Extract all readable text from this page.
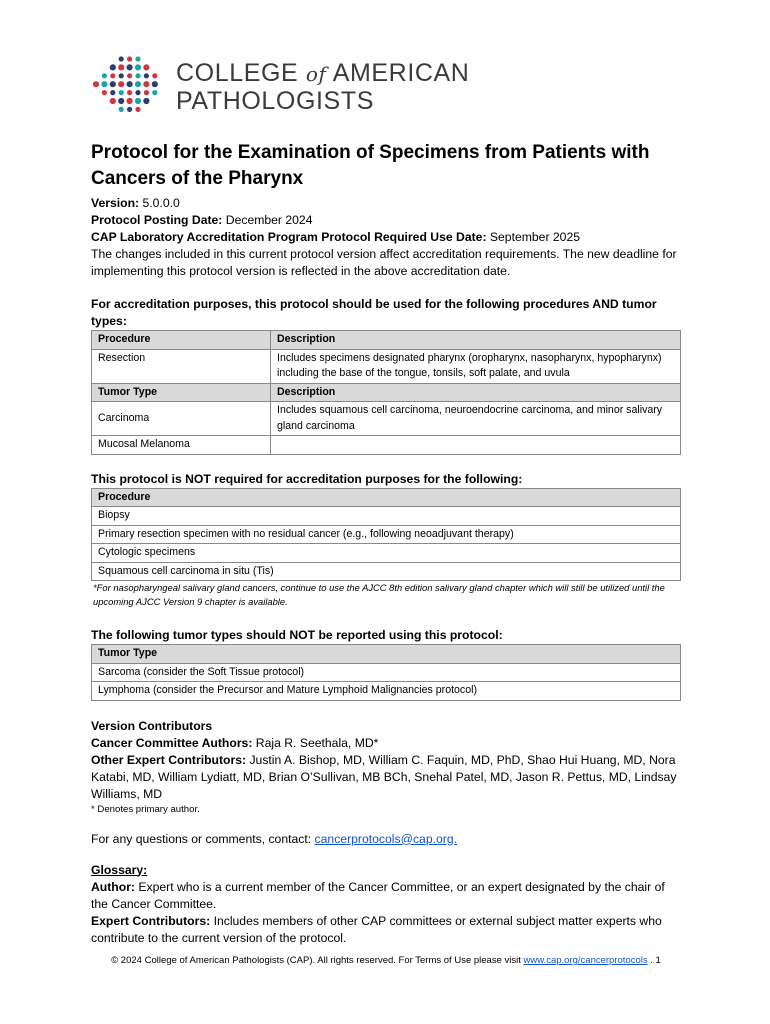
COLLEGE of AMERICAN
PATHOLOGISTS
Protocol for the Examination of Specimens from Patients with Cancers of the Pharynx

Version: 5.0.0.0

Protocol Posting Date: December 2024

CAP Laboratory Accreditation Program Protocol Required Use Date: September 2025

The changes included in this current protocol version affect accreditation requirements. The new deadline for implementing this protocol version is reflected in the above accreditation date.

For accreditation purposes, this protocol should be used for the following procedures AND tumor types:

Procedure	Description
Resection	Includes specimens designated pharynx (oropharynx, nasopharynx, hypopharynx) including the base of the tongue, tonsils, soft palate, and uvula
Tumor Type	Description
Carcinoma	Includes squamous cell carcinoma, neuroendocrine carcinoma, and minor salivary gland carcinoma
Mucosal Melanoma	

This protocol is NOT required for accreditation purposes for the following:

Procedure
Biopsy
Primary resection specimen with no residual cancer (e.g., following neoadjuvant therapy)
Cytologic specimens
Squamous cell carcinoma in situ (Tis)

*For nasopharyngeal salivary gland cancers, continue to use the AJCC 8th edition salivary gland chapter which will still be utilized until the upcoming AJCC Version 9 chapter is available.

The following tumor types should NOT be reported using this protocol:

Tumor Type
Sarcoma (consider the Soft Tissue protocol)
Lymphoma (consider the Precursor and Mature Lymphoid Malignancies protocol)

Version Contributors

Cancer Committee Authors: Raja R. Seethala, MD*

Other Expert Contributors: Justin A. Bishop, MD, William C. Faquin, MD, PhD, Shao Hui Huang, MD, Nora Katabi, MD, William Lydiatt, MD, Brian O’Sullivan, MB BCh, Snehal Patel, MD, Jason R. Pettus, MD, Lindsay Williams, MD

* Denotes primary author.

For any questions or comments, contact: cancerprotocols@cap.org.

Glossary:

Author: Expert who is a current member of the Cancer Committee, or an expert designated by the chair of the Cancer Committee.

Expert Contributors: Includes members of other CAP committees or external subject matter experts who contribute to the current version of the protocol.

© 2024 College of American Pathologists (CAP). All rights reserved. For Terms of Use please visit www.cap.org/cancerprotocols . 1
